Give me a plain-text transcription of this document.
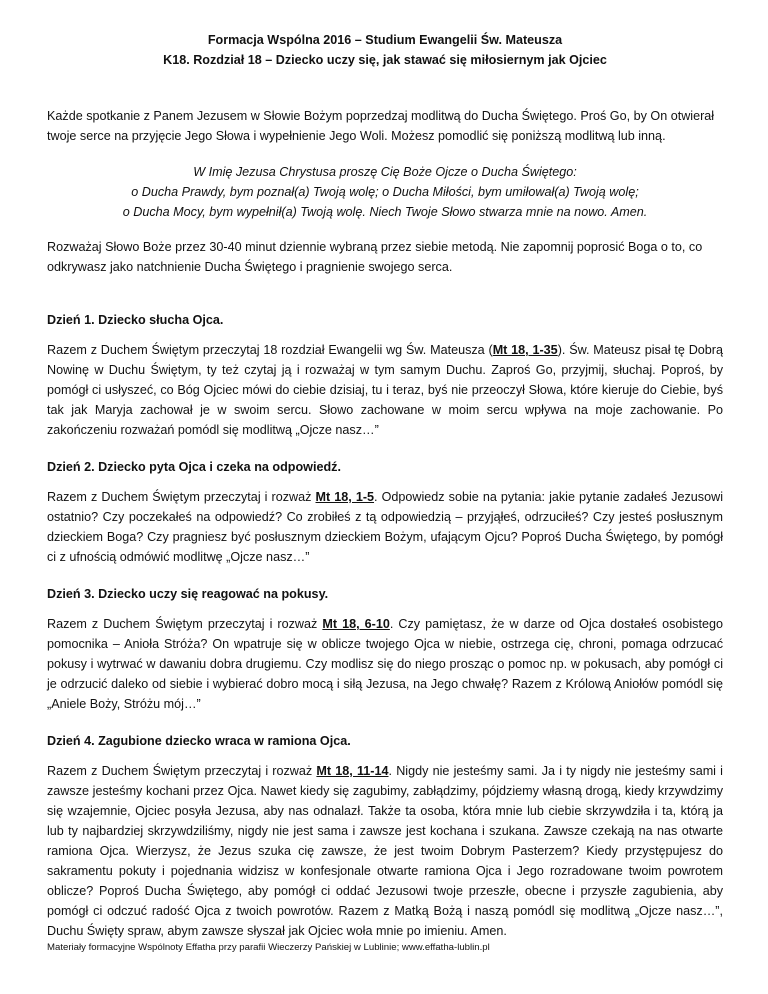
Formacja Wspólna 2016 – Studium Ewangelii Św. Mateusza
K18. Rozdział 18 – Dziecko uczy się, jak stawać się miłosiernym jak Ojciec
Każde spotkanie z Panem Jezusem w Słowie Bożym poprzedzaj modlitwą do Ducha Świętego. Proś Go, by On otwierał twoje serce na przyjęcie Jego Słowa i wypełnienie Jego Woli. Możesz pomodlić się poniższą modlitwą lub inną.
W Imię Jezusa Chrystusa proszę Cię Boże Ojcze o Ducha Świętego:
o Ducha Prawdy, bym poznał(a) Twoją wolę; o Ducha Miłości, bym umiłował(a) Twoją wolę;
o Ducha Mocy, bym wypełnił(a) Twoją wolę. Niech Twoje Słowo stwarza mnie na nowo. Amen.
Rozważaj Słowo Boże przez 30-40 minut dziennie wybraną przez siebie metodą. Nie zapomnij poprosić Boga o to, co odkrywasz jako natchnienie Ducha Świętego i pragnienie swojego serca.
Dzień 1. Dziecko słucha Ojca.
Razem z Duchem Świętym przeczytaj 18 rozdział Ewangelii wg Św. Mateusza (Mt 18, 1-35). Św. Mateusz pisał tę Dobrą Nowinę w Duchu Świętym, ty też czytaj ją i rozważaj w tym samym Duchu. Zaproś Go, przyjmij, słuchaj. Poproś, by pomógł ci usłyszeć, co Bóg Ojciec mówi do ciebie dzisiaj, tu i teraz, byś nie przeoczył Słowa, które kieruje do Ciebie, byś tak jak Maryja zachował je w swoim sercu. Słowo zachowane w moim sercu wpływa na moje zachowanie. Po zakończeniu rozważań pomódl się modlitwą „Ojcze nasz…”
Dzień 2. Dziecko pyta Ojca i czeka na odpowiedź.
Razem z Duchem Świętym przeczytaj i rozważ Mt 18, 1-5. Odpowiedz sobie na pytania: jakie pytanie zadałeś Jezusowi ostatnio? Czy poczekałeś na odpowiedź? Co zrobiłeś z tą odpowiedzią – przyjąłeś, odrzuciłeś? Czy jesteś posłusznym dzieckiem Boga? Czy pragniesz być posłusznym dzieckiem Bożym, ufającym Ojcu? Poproś Ducha Świętego, by pomógł ci z ufnością odmówić modlitwę „Ojcze nasz…”
Dzień 3. Dziecko uczy się reagować na pokusy.
Razem z Duchem Świętym przeczytaj i rozważ Mt 18, 6-10. Czy pamiętasz, że w darze od Ojca dostałeś osobistego pomocnika – Anioła Stróża? On wpatruje się w oblicze twojego Ojca w niebie, ostrzega cię, chroni, pomaga odrzucać pokusy i wytrwać w dawaniu dobra drugiemu. Czy modlisz się do niego prosząc o pomoc np. w pokusach, aby pomógł ci je odrzucić daleko od siebie i wybierać dobro mocą i siłą Jezusa, na Jego chwałę? Razem z Królową Aniołów pomódl się „Aniele Boży, Stróżu mój…”
Dzień 4. Zagubione dziecko wraca w ramiona Ojca.
Razem z Duchem Świętym przeczytaj i rozważ Mt 18, 11-14. Nigdy nie jesteśmy sami. Ja i ty nigdy nie jesteśmy sami i zawsze jesteśmy kochani przez Ojca. Nawet kiedy się zagubimy, zabłądzimy, pójdziemy własną drogą, kiedy krzywdzimy się wzajemnie, Ojciec posyła Jezusa, aby nas odnalazł. Także ta osoba, która mnie lub ciebie skrzywdziła i ta, którą ja lub ty najbardziej skrzywdziliśmy, nigdy nie jest sama i zawsze jest kochana i szukana. Zawsze czekają na nas otwarte ramiona Ojca. Wierzysz, że Jezus szuka cię zawsze, że jest twoim Dobrym Pasterzem? Kiedy przystępujesz do sakramentu pokuty i pojednania widzisz w konfesjonale otwarte ramiona Ojca i Jego rozradowane twoim powrotem oblicze? Poproś Ducha Świętego, aby pomógł ci oddać Jezusowi twoje przeszłe, obecne i przyszłe zagubienia, aby pomógł ci odczuć radość Ojca z twoich powrotów. Razem z Matką Bożą i naszą pomódl się modlitwą „Ojcze nasz…”, Duchu Święty spraw, abym zawsze słyszał jak Ojciec woła mnie po imieniu. Amen.
Materiały formacyjne Wspólnoty Effatha przy parafii Wieczerzy Pańskiej w Lublinie; www.effatha-lublin.pl
